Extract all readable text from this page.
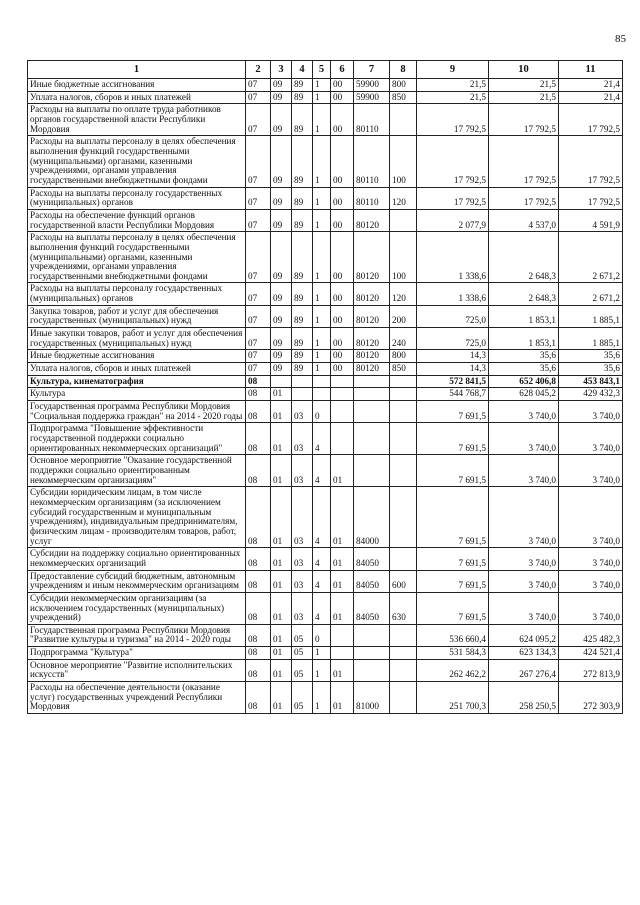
85
1	2	3	4	5	6	7	8	9	10	11
Иные бюджетные ассигнования	07	09	89	1	00	59900	800	21,5	21,5	21,4
Уплата налогов, сборов и иных платежей	07	09	89	1	00	59900	850	21,5	21,5	21,4
Расходы на выплаты по оплате труда работников органов государственной власти Республики Мордовия	07	09	89	1	00	80110		17 792,5	17 792,5	17 792,5
Расходы на выплаты персоналу в целях обеспечения выполнения функций государственными (муниципальными) органами, казенными учреждениями, органами управления государственными внебюджетными фондами	07	09	89	1	00	80110	100	17 792,5	17 792,5	17 792,5
Расходы на выплаты персоналу государственных (муниципальных) органов	07	09	89	1	00	80110	120	17 792,5	17 792,5	17 792,5
Расходы на обеспечение функций органов государственной власти Республики Мордовия	07	09	89	1	00	80120		2 077,9	4 537,0	4 591,9
Расходы на выплаты персоналу в целях обеспечения выполнения функций государственными (муниципальными) органами, казенными учреждениями, органами управления государственными внебюджетными фондами	07	09	89	1	00	80120	100	1 338,6	2 648,3	2 671,2
Расходы на выплаты персоналу государственных (муниципальных) органов	07	09	89	1	00	80120	120	1 338,6	2 648,3	2 671,2
Закупка товаров, работ и услуг для обеспечения государственных (муниципальных) нужд	07	09	89	1	00	80120	200	725,0	1 853,1	1 885,1
Иные закупки товаров, работ и услуг для обеспечения государственных (муниципальных) нужд	07	09	89	1	00	80120	240	725,0	1 853,1	1 885,1
Иные бюджетные ассигнования	07	09	89	1	00	80120	800	14,3	35,6	35,6
Уплата налогов, сборов и иных платежей	07	09	89	1	00	80120	850	14,3	35,6	35,6
Культура, кинематография	08							572 841,5	652 406,8	453 843,1
Культура	08	01						544 768,7	628 045,2	429 432,3
Государственная программа Республики Мордовия "Социальная поддержка граждан" на 2014 - 2020 годы	08	01	03	0				7 691,5	3 740,0	3 740,0
Подпрограмма "Повышение эффективности государственной поддержки социально ориентированных некоммерческих организаций"	08	01	03	4				7 691,5	3 740,0	3 740,0
Основное мероприятие "Оказание государственной поддержки социально ориентированным некоммерческим организациям"	08	01	03	4	01			7 691,5	3 740,0	3 740,0
Субсидии юридическим лицам, в том числе некоммерческим организациям (за исключением субсидий государственным и муниципальным учреждениям), индивидуальным предпринимателям, физическим лицам - производителям товаров, работ, услуг	08	01	03	4	01	84000		7 691,5	3 740,0	3 740,0
Субсидии на поддержку социально ориентированных некоммерческих организаций	08	01	03	4	01	84050		7 691,5	3 740,0	3 740,0
Предоставление субсидий бюджетным, автономным учреждениям и иным некоммерческим организациям	08	01	03	4	01	84050	600	7 691,5	3 740,0	3 740,0
Субсидии некоммерческим организациям (за исключением государственных (муниципальных) учреждений)	08	01	03	4	01	84050	630	7 691,5	3 740,0	3 740,0
Государственная программа Республики Мордовия "Развитие культуры и туризма" на 2014 - 2020 годы	08	01	05	0				536 660,4	624 095,2	425 482,3
Подпрограмма "Культура"	08	01	05	1				531 584,3	623 134,3	424 521,4
Основное мероприятие "Развитие исполнительских искусств"	08	01	05	1	01			262 462,2	267 276,4	272 813,9
Расходы на обеспечение деятельности (оказание услуг) государственных учреждений Республики Мордовия	08	01	05	1	01	81000		251 700,3	258 250,5	272 303,9
